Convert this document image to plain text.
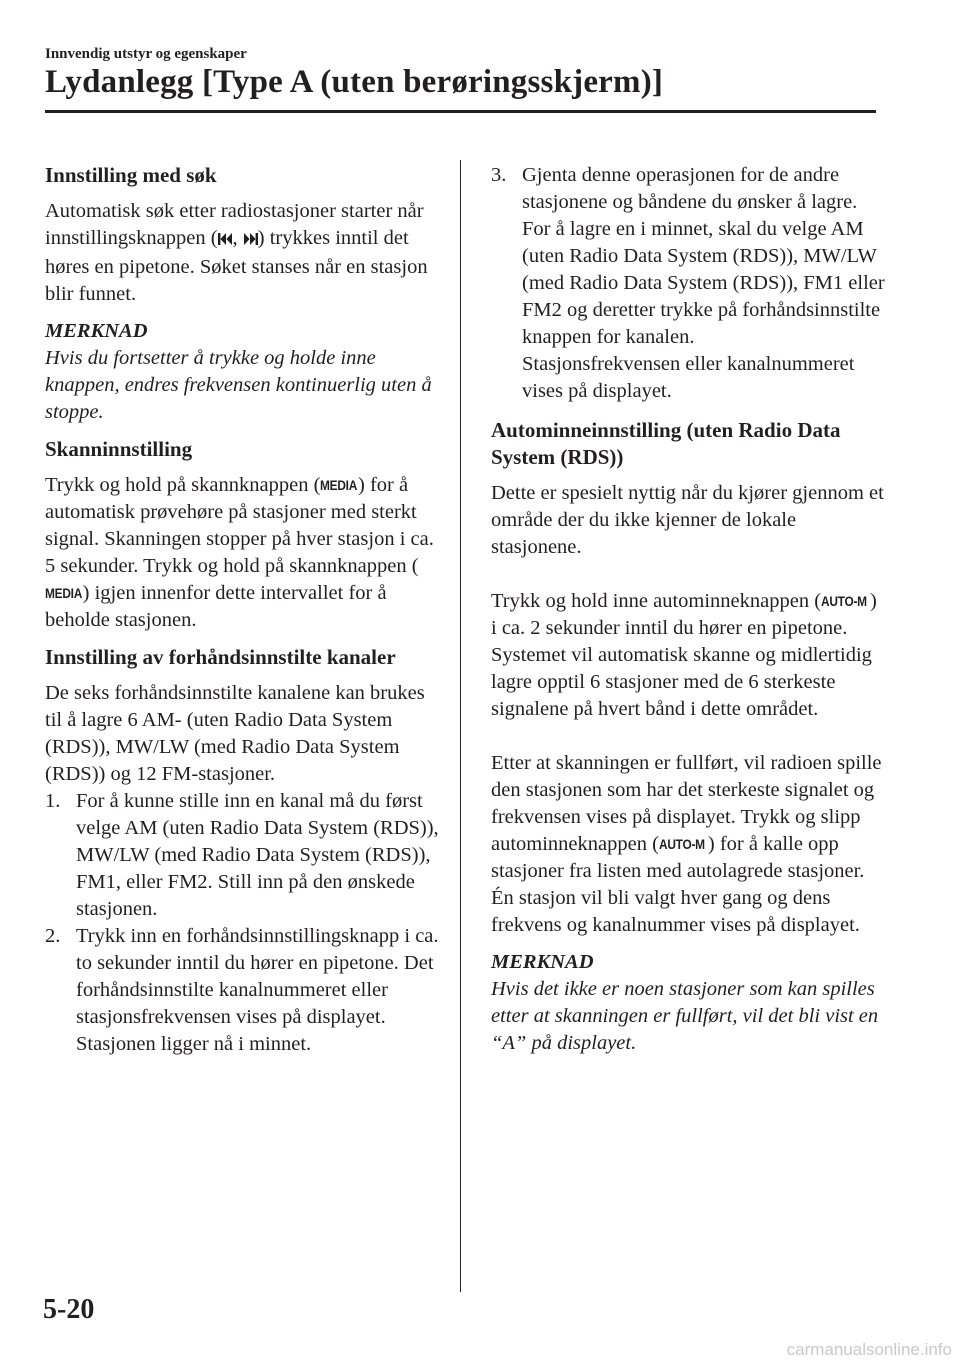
Innvendig utstyr og egenskaper
Lydanlegg [Type A (uten berøringsskjerm)]
Innstilling med søk

Automatisk søk etter radiostasjoner starter når innstillingsknappen ( , ) trykkes inntil det høres en pipetone. Søket stanses når en stasjon blir funnet.

MERKNAD

Hvis du fortsetter å trykke og holde inne knappen, endres frekvensen kontinuerlig uten å stoppe.

Skanninnstilling

Trykk og hold på skannknappen (MEDIA) for å automatisk prøvehøre på stasjoner med sterkt signal. Skanningen stopper på hver stasjon i ca. 5 sekunder. Trykk og hold på skannknappen (MEDIA) igjen innenfor dette intervallet for å beholde stasjonen.

Innstilling av forhåndsinnstilte kanaler

De seks forhåndsinnstilte kanalene kan brukes til å lagre 6 AM- (uten Radio Data System (RDS)), MW/LW (med Radio Data System (RDS)) og 12 FM-stasjoner.

1. For å kunne stille inn en kanal må du først velge AM (uten Radio Data System (RDS)), MW/LW (med Radio Data System (RDS)), FM1, eller FM2. Still inn på den ønskede stasjonen.
2. Trykk inn en forhåndsinnstillingsknapp i ca. to sekunder inntil du hører en pipetone. Det forhåndsinnstilte kanalnummeret eller stasjonsfrekvensen vises på displayet. Stasjonen ligger nå i minnet.
3. Gjenta denne operasjonen for de andre stasjonene og båndene du ønsker å lagre. For å lagre en i minnet, skal du velge AM (uten Radio Data System (RDS)), MW/LW (med Radio Data System (RDS)), FM1 eller FM2 og deretter trykke på forhåndsinnstilte knappen for kanalen.
Stasjonsfrekvensen eller kanalnummeret vises på displayet.
Autominneinnstilling (uten Radio Data System (RDS))

Dette er spesielt nyttig når du kjører gjennom et område der du ikke kjenner de lokale stasjonene.

Trykk og hold inne autominneknappen (AUTO-M ) i ca. 2 sekunder inntil du hører en pipetone. Systemet vil automatisk skanne og midlertidig lagre opptil 6 stasjoner med de 6 sterkeste signalene på hvert bånd i dette området.

Etter at skanningen er fullført, vil radioen spille den stasjonen som har det sterkeste signalet og frekvensen vises på displayet. Trykk og slipp autominneknappen (AUTO-M ) for å kalle opp stasjoner fra listen med autolagrede stasjoner. Én stasjon vil bli valgt hver gang og dens frekvens og kanalnummer vises på displayet.

MERKNAD

Hvis det ikke er noen stasjoner som kan spilles etter at skanningen er fullført, vil det bli vist en “A” på displayet.

5-20
carmanualsonline.info
